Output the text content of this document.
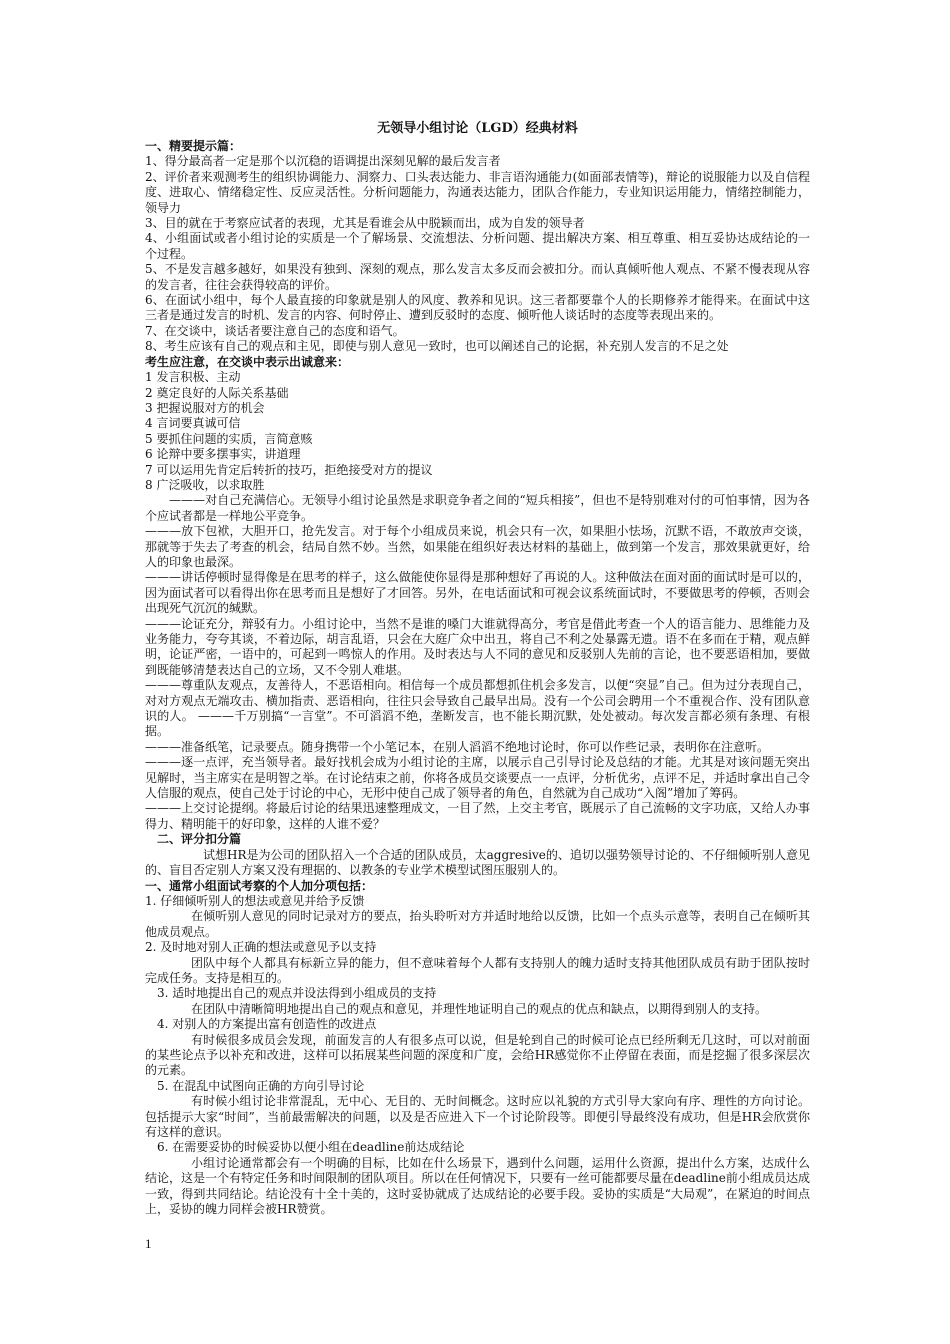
无领导小组讨论（LGD）经典材料

一、精要提示篇：

1、得分最高者一定是那个以沉稳的语调提出深刻见解的最后发言者

2、评价者来观测考生的组织协调能力、洞察力、口头表达能力、非言语沟通能力(如面部表情等)，辩论的说服能力以及自信程度、进取心、情绪稳定性、反应灵活性。分析问题能力，沟通表达能力，团队合作能力，专业知识运用能力，情绪控制能力，领导力

3、目的就在于考察应试者的表现，尤其是看谁会从中脱颖而出，成为自发的领导者

4、小组面试或者小组讨论的实质是一个了解场景、交流想法、分析问题、提出解决方案、相互尊重、相互妥协达成结论的一个过程。

5、不是发言越多越好，如果没有独到、深刻的观点，那么发言太多反而会被扣分。而认真倾听他人观点、不紧不慢表现从容的发言者，往往会获得较高的评价。

6、在面试小组中，每个人最直接的印象就是别人的风度、教养和见识。这三者都要靠个人的长期修养才能得来。在面试中这三者是通过发言的时机、发言的内容、何时停止、遭到反驳时的态度、倾听他人谈话时的态度等表现出来的。

7、在交谈中，谈话者要注意自己的态度和语气。

8、考生应该有自己的观点和主见，即使与别人意见一致时，也可以阐述自己的论据，补充别人发言的不足之处

考生应注意，在交谈中表示出诚意来：

1 发言积极、主动

2 奠定良好的人际关系基础

3 把握说服对方的机会

4 言词要真诚可信

5 要抓住问题的实质，言简意赅

6 论辩中要多摆事实，讲道理

7 可以运用先肯定后转折的技巧，拒绝接受对方的提议

8 广泛吸收，以求取胜

———对自己充满信心。无领导小组讨论虽然是求职竞争者之间的“短兵相接”，但也不是特别难对付的可怕事情，因为各个应试者都是一样地公平竞争。

———放下包袱，大胆开口，抢先发言。对于每个小组成员来说，机会只有一次，如果胆小怯场，沉默不语，不敢放声交谈，那就等于失去了考查的机会，结局自然不妙。当然，如果能在组织好表达材料的基础上，做到第一个发言，那效果就更好，给人的印象也最深。

———讲话停顿时显得像是在思考的样子，这么做能使你显得是那种想好了再说的人。这种做法在面对面的面试时是可以的，因为面试者可以看得出你在思考而且是想好了才回答。另外，在电话面试和可视会议系统面试时，不要做思考的停顿，否则会出现死气沉沉的缄默。

———论证充分，辩驳有力。小组讨论中，当然不是谁的嗓门大谁就得高分，考官是借此考查一个人的语言能力、思维能力及业务能力，夸夸其谈，不着边际，胡言乱语，只会在大庭广众中出丑，将自己不利之处暴露无遗。语不在多而在于精，观点鲜明，论证严密，一语中的，可起到一鸣惊人的作用。及时表达与人不同的意见和反驳别人先前的言论，也不要恶语相加，要做到既能够清楚表达自己的立场，又不令别人难堪。

———尊重队友观点，友善待人，不恶语相向。相信每一个成员都想抓住机会多发言，以便“突显”自己。但为过分表现自己，对对方观点无端攻击、横加指责、恶语相向，往往只会导致自己最早出局。没有一个公司会聘用一个不重视合作、没有团队意识的人。 ———千万别搞“一言堂”。不可滔滔不绝，垄断发言，也不能长期沉默，处处被动。每次发言都必须有条理、有根据。

———准备纸笔，记录要点。随身携带一个小笔记本，在别人滔滔不绝地讨论时，你可以作些记录，表明你在注意听。

———逐一点评，充当领导者。最好找机会成为小组讨论的主席，以展示自己引导讨论及总结的才能。尤其是对该问题无突出见解时，当主席实在是明智之举。在讨论结束之前，你将各成员交谈要点一一点评，分析优劣，点评不足，并适时拿出自己令人信服的观点，使自己处于讨论的中心，无形中使自己成了领导者的角色，自然就为自己成功“入阁”增加了筹码。

———上交讨论提纲。将最后讨论的结果迅速整理成文，一目了然，上交主考官，既展示了自己流畅的文字功底，又给人办事得力、精明能干的好印象，这样的人谁不爱？

二、评分扣分篇

试想HR是为公司的团队招入一个合适的团队成员，太aggresive的、追切以强势领导讨论的、不仔细倾听别人意见的、盲目否定别人方案又没有理据的、以教条的专业学术模型试图压服别人的。

一、通常小组面试考察的个人加分项包括：

1. 仔细倾听别人的想法或意见并给予反馈

在倾听别人意见的同时记录对方的要点，抬头聆听对方并适时地给以反馈，比如一个点头示意等，表明自己在倾听其他成员观点。

2. 及时地对别人正确的想法或意见予以支持

团队中每个人都具有标新立异的能力，但不意味着每个人都有支持别人的魄力适时支持其他团队成员有助于团队按时完成任务。支持是相互的。

3. 适时地提出自己的观点并设法得到小组成员的支持

在团队中清晰简明地提出自己的观点和意见，并理性地证明自己的观点的优点和缺点，以期得到别人的支持。

4. 对别人的方案提出富有创造性的改进点

有时候很多成员会发现，前面发言的人有很多点可以说，但是轮到自己的时候可论点已经所剩无几这时，可以对前面的某些论点予以补充和改进，这样可以拓展某些问题的深度和广度，会给HR感觉你不止停留在表面，而是挖掘了很多深层次的元素。

5. 在混乱中试图向正确的方向引导讨论

有时候小组讨论非常混乱，无中心、无目的、无时间概念。这时应以礼貌的方式引导大家向有序、理性的方向讨论。包括提示大家“时间”，当前最需解决的问题，以及是否应进入下一个讨论阶段等。即便引导最终没有成功，但是HR会欣赏你有这样的意识。

6. 在需要妥协的时候妥协以便小组在deadline前达成结论

小组讨论通常都会有一个明确的目标，比如在什么场景下，遇到什么问题，运用什么资源，提出什么方案，达成什么结论，这是一个有特定任务和时间限制的团队项目。所以在任何情况下，只要有一丝可能都要尽量在deadline前小组成员达成一致，得到共同结论。结论没有十全十美的，这时妥协就成了达成结论的必要手段。妥协的实质是“大局观”，在紧迫的时间点上，妥协的魄力同样会被HR赞赏。

1
